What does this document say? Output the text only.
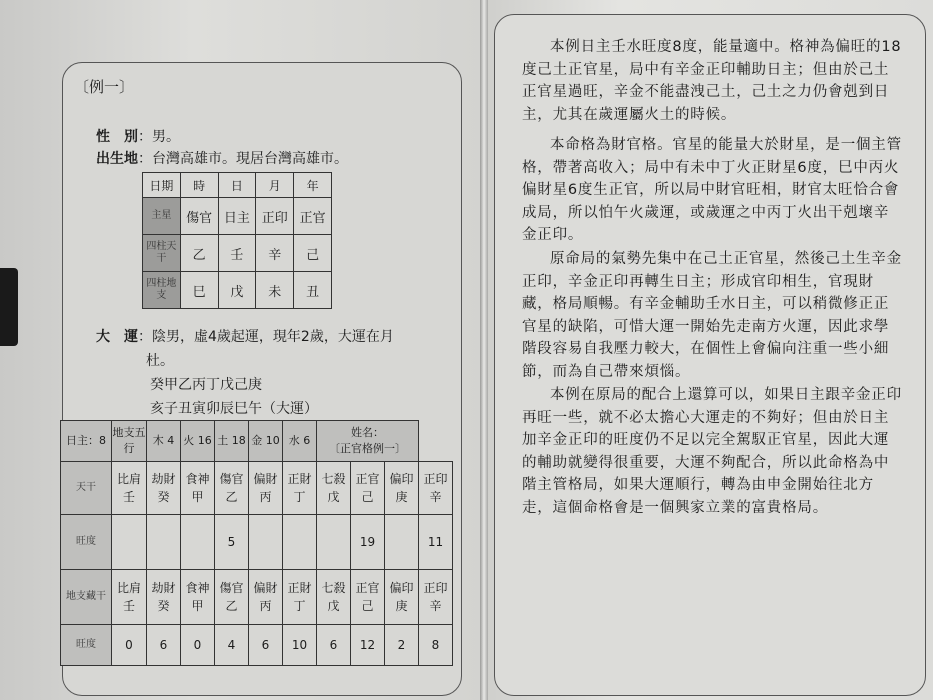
〔例一〕
性　別：男。
出生地：台灣高雄市。現居台灣高雄市。
日期	時	日	月	年
主星	傷官	日主	正印	正官
四柱天干	乙	壬	辛	己
四柱地支	巳	戊	未	丑
大　運：陰男，虛4歲起運，現年2歲，大運在月
杜。
癸甲乙丙丁戊己庚
亥子丑寅卯辰巳午（大運）
日主：8	地支五行	木 4	火 16	土 18	金 10	水 6	姓名：
〔正官格例一〕			

天干	比肩 壬	劫財 癸	食神 甲	傷官 乙	偏財 丙	正財 丁	七殺 戊	正官 己	偏印 庚	正印 辛
旺度				5				19		11
地支藏干	比肩 壬	劫財 癸	食神 甲	傷官 乙	偏財 丙	正財 丁	七殺 戊	正官 己	偏印 庚	正印 辛
旺度	0	6	0	4	6	10	6	12	2	8
本例日主壬水旺度8度，能量適中。格神為偏旺的18度己土正官星，局中有辛金正印輔助日主；但由於己土正官星過旺，辛金不能盡洩己土，己土之力仍會剋到日主，尤其在歲運屬火土的時候。
本命格為財官格。官星的能量大於財星，是一個主管格，帶著高收入；局中有未中丁火正財星6度，巳中丙火偏財星6度生正官，所以局中財官旺相，財官太旺恰合會成局，所以怕午火歲運，或歲運之中丙丁火出干剋壞辛金正印。
原命局的氣勢先集中在己土正官星，然後己土生辛金正印，辛金正印再轉生日主；形成官印相生，官現財藏，格局順暢。有辛金輔助壬水日主，可以稍微修正正官星的缺陷，可惜大運一開始先走南方火運，因此求學階段容易自我壓力較大，在個性上會偏向注重一些小細節，而為自己帶來煩惱。
本例在原局的配合上還算可以，如果日主跟辛金正印再旺一些，就不必太擔心大運走的不夠好；但由於日主加辛金正印的旺度仍不足以完全駕馭正官星，因此大運的輔助就變得很重要，大運不夠配合，所以此命格為中階主管格局，如果大運順行，轉為由申金開始往北方走，這個命格會是一個興家立業的富貴格局。
